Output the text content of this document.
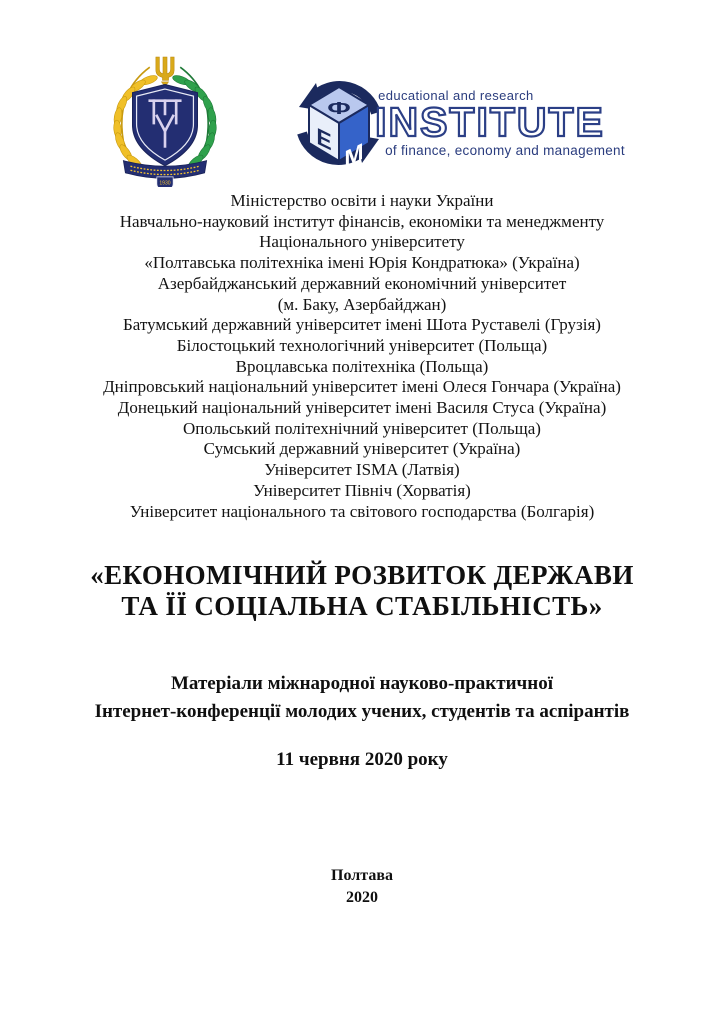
1930
Ф
Е М
educational and research
INSTITUTE
of finance, economy and management
Міністерство освіти і науки України
Навчально-науковий інститут фінансів, економіки та менеджменту
Національного університету
«Полтавська політехніка імені Юрія Кондратюка» (Україна)
Азербайджанський державний економічний університет
(м. Баку, Азербайджан)
Батумський державний університет імені Шота Руставелі (Грузія)
Білостоцький технологічний університет (Польща)
Вроцлавська політехніка (Польща)
Дніпровський національний університет імені Олеся Гончара (Україна)
Донецький національний університет імені Василя Стуса (Україна)
Опольський політехнічний університет (Польща)
Сумський державний університет (Україна)
Університет ISMA (Латвія)
Університет Північ (Хорватія)
Університет національного та світового господарства (Болгарія)
«ЕКОНОМІЧНИЙ РОЗВИТОК ДЕРЖАВИ
ТА ЇЇ СОЦІАЛЬНА СТАБІЛЬНІСТЬ»
Матеріали міжнародної науково-практичної
Інтернет-конференції молодих учених, студентів та аспірантів
11 червня 2020 року
Полтава
2020
